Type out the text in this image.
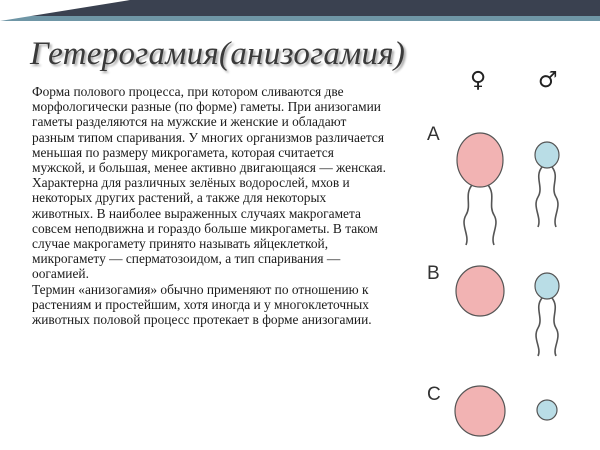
Гетерогамия(анизогамия)

Форма полового процесса, при котором сливаются две морфологически разные (по форме) гаметы. При анизогамии гаметы разделяются на мужские и женские и обладают разным типом спаривания. У многих организмов различается меньшая по размеру микрогамета, которая считается мужской, и большая, менее активно двигающаяся — женская. Характерна для различных зелёных водорослей, мхов и некоторых других растений, а также для некоторых животных. В наиболее выраженных случаях макрогамета совсем неподвижна и гораздо больше микрогаметы. В таком случае макрогамету принято называть яйцеклеткой, микрогамету — сперматозоидом, а тип спаривания — оогамией.

Термин «анизогамия» обычно применяют по отношению к растениям и простейшим, хотя иногда и у многоклеточных животных половой процесс протекает в форме анизогамии.

♀ ♂
A
B
C
